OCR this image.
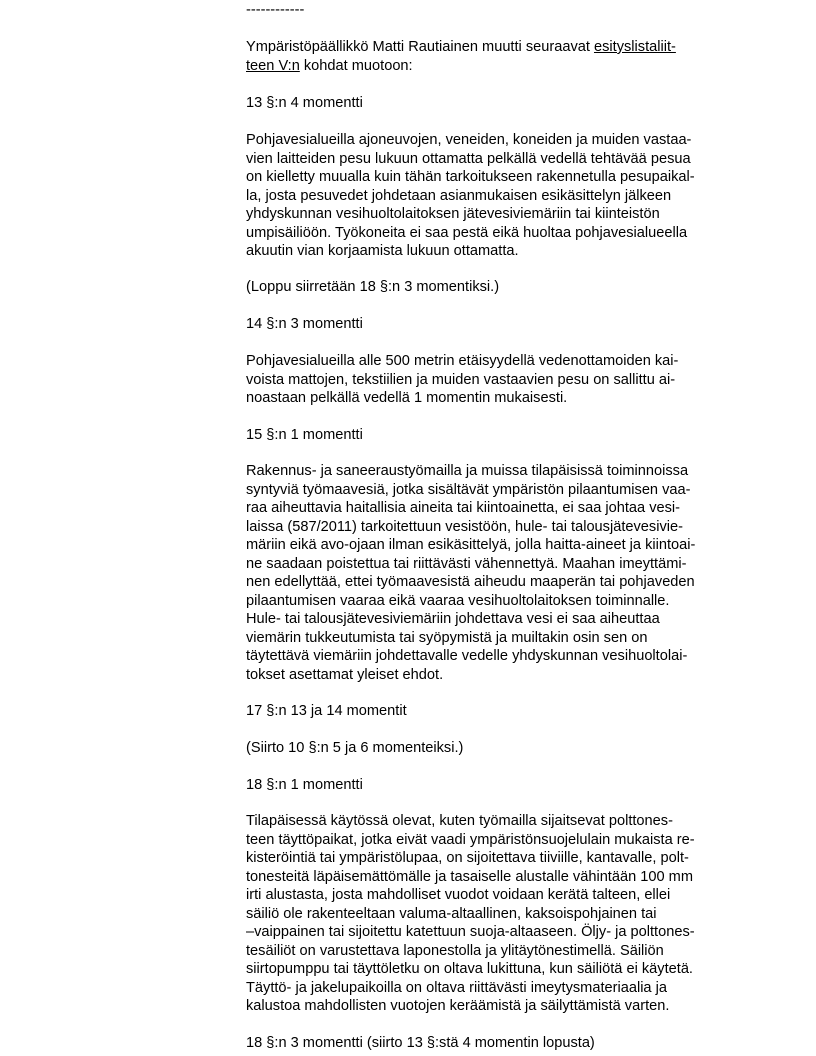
------------
Ympäristöpäällikkö Matti Rautiainen muutti seuraavat esityslistaliit-
teen V:n kohdat muotoon:
13 §:n 4 momentti
Pohjavesialueilla ajoneuvojen, veneiden, koneiden ja muiden vastaa-
vien laitteiden pesu lukuun ottamatta pelkällä vedellä tehtävää pesua
on kielletty muualla kuin tähän tarkoitukseen rakennetulla pesupaikal-
la, josta pesuvedet johdetaan asianmukaisen esikäsittelyn jälkeen
yhdyskunnan vesihuoltolaitoksen jätevesiviemäriin tai kiinteistön
umpisäiliöön. Työkoneita ei saa pestä eikä huoltaa pohjavesialueella
akuutin vian korjaamista lukuun ottamatta.
(Loppu siirretään 18 §:n 3 momentiksi.)
14 §:n 3 momentti
Pohjavesialueilla alle 500 metrin etäisyydellä vedenottamoiden kai-
voista mattojen, tekstiilien ja muiden vastaavien pesu on sallittu ai-
noastaan pelkällä vedellä 1 momentin mukaisesti.
15 §:n 1 momentti
Rakennus- ja saneeraustyömailla ja muissa tilapäisissä toiminnoissa
syntyviä työmaavesiä, jotka sisältävät ympäristön pilaantumisen vaa-
raa aiheuttavia haitallisia aineita tai kiintoainetta, ei saa johtaa vesi-
laissa (587/2011) tarkoitettuun vesistöön, hule- tai talousjätevesivie-
märiin eikä avo-ojaan ilman esikäsittelyä, jolla haitta-aineet ja kiintoai-
ne saadaan poistettua tai riittävästi vähennettyä. Maahan imeyttämi-
nen edellyttää, ettei työmaavesistä aiheudu maaperän tai pohjaveden
pilaantumisen vaaraa eikä vaaraa vesihuoltolaitoksen toiminnalle.
Hule- tai talousjätevesiviemäriin johdettava vesi ei saa aiheuttaa
viemärin tukkeutumista tai syöpymistä ja muiltakin osin sen on
täytettävä viemäriin johdettavalle vedelle yhdyskunnan vesihuoltolai-
tokset asettamat yleiset ehdot.
17 §:n 13 ja 14 momentit
(Siirto 10 §:n 5 ja 6 momenteiksi.)
18 §:n 1 momentti
Tilapäisessä käytössä olevat, kuten työmailla sijaitsevat polttones-
teen täyttöpaikat, jotka eivät vaadi ympäristönsuojelulain mukaista re-
kisteröintiä tai ympäristölupaa, on sijoitettava tiiviille, kantavalle, polt-
tonesteitä läpäisemättömälle ja tasaiselle alustalle vähintään 100 mm
irti alustasta, josta mahdolliset vuodot voidaan kerätä talteen, ellei
säiliö ole rakenteeltaan valuma-altaallinen, kaksoispohjainen tai
–vaippainen tai sijoitettu katettuun suoja-altaaseen. Öljy- ja polttones-
tesäiliöt on varustettava laponestolla ja ylitäytönestimellä. Säiliön
siirtopumppu tai täyttöletku on oltava lukittuna, kun säiliötä ei käytetä.
Täyttö- ja jakelupaikoilla on oltava riittävästi imeytysmateriaalia ja
kalustoa mahdollisten vuotojen keräämistä ja säilyttämistä varten.
18 §:n 3 momentti (siirto 13 §:stä 4 momentin lopusta)
